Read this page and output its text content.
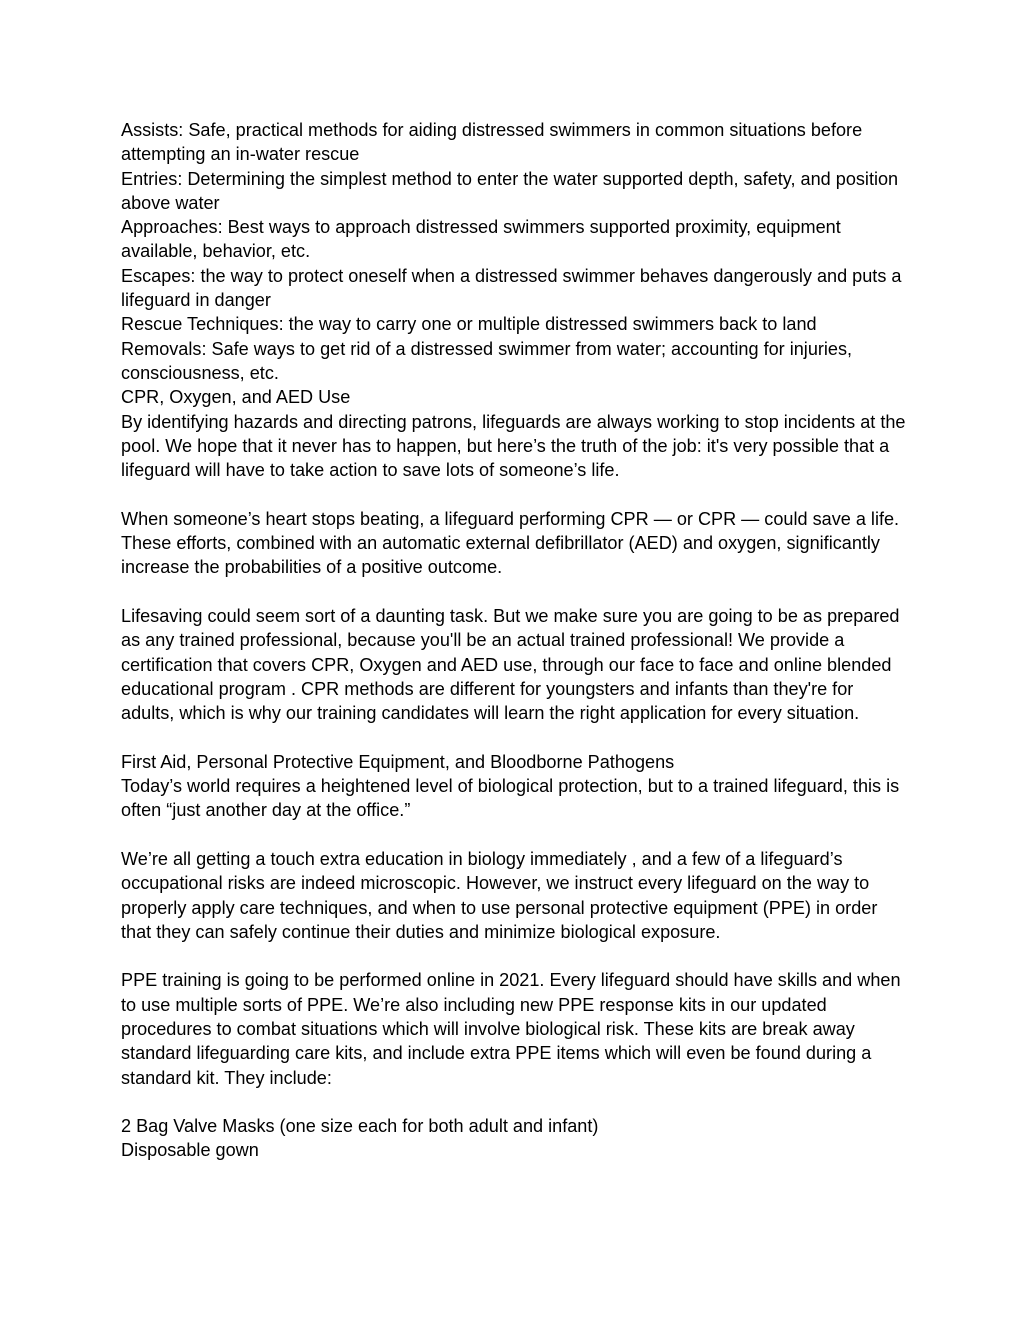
Assists: Safe, practical methods for aiding distressed swimmers in common situations before attempting an in-water rescue

Entries: Determining the simplest method to enter the water supported depth, safety, and position above water

Approaches: Best ways to approach distressed swimmers supported proximity, equipment available, behavior, etc.

Escapes: the way to protect oneself when a distressed swimmer behaves dangerously and puts a lifeguard in danger

Rescue Techniques: the way to carry one or multiple distressed swimmers back to land

Removals: Safe ways to get rid of a distressed swimmer from water; accounting for injuries, consciousness, etc.

CPR, Oxygen, and AED Use

By identifying hazards and directing patrons, lifeguards are always working to stop incidents at the pool. We hope that it never has to happen, but here’s the truth of the job: it's very possible that a lifeguard will have to take action to save lots of someone’s life.

When someone’s heart stops beating, a lifeguard performing CPR — or CPR — could save a life. These efforts, combined with an automatic external defibrillator (AED) and oxygen, significantly increase the probabilities of a positive outcome.

Lifesaving could seem sort of a daunting task. But we make sure you are going to be as prepared as any trained professional, because you'll be an actual trained professional! We provide a certification that covers CPR, Oxygen and AED use, through our face to face and online blended educational program . CPR methods are different for youngsters and infants than they're for adults, which is why our training candidates will learn the right application for every situation.

First Aid, Personal Protective Equipment, and Bloodborne Pathogens

Today’s world requires a heightened level of biological protection, but to a trained lifeguard, this is often “just another day at the office.”

We’re all getting a touch extra education in biology immediately , and a few of a lifeguard’s occupational risks are indeed microscopic. However, we instruct every lifeguard on the way to properly apply care techniques, and when to use personal protective equipment (PPE) in order that they can safely continue their duties and minimize biological exposure.

PPE training is going to be performed online in 2021. Every lifeguard should have skills and when to use multiple sorts of PPE. We’re also including new PPE response kits in our updated procedures to combat situations which will involve biological risk. These kits are break away standard lifeguarding care kits, and include extra PPE items which will even be found during a standard kit. They include:

2 Bag Valve Masks (one size each for both adult and infant)

Disposable gown
